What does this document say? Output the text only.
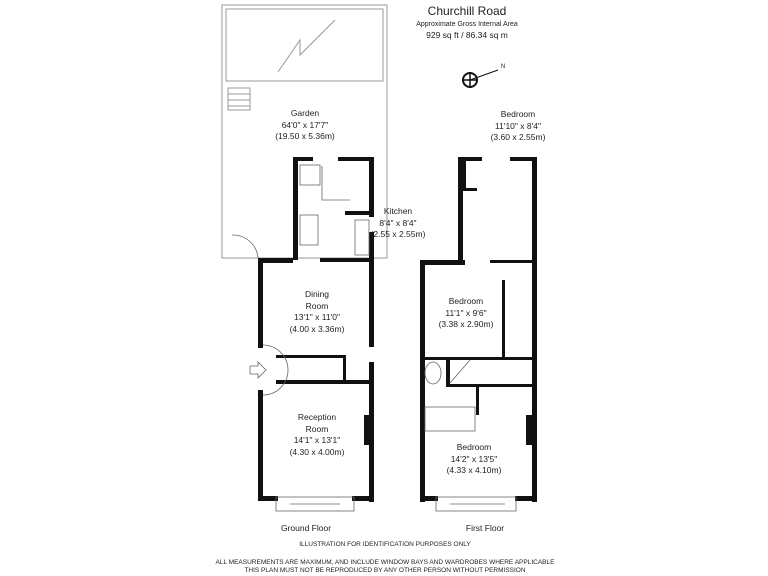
Churchill Road
Approximate Gross Internal Area
929 sq ft / 86.34 sq m
N
Garden
64'0" x 17'7"
(19.50 x 5.36m)
Kitchen
8'4" x 8'4"
(2.55 x 2.55m)
Dining
Room
13'1" x 11'0"
(4.00 x 3.36m)
Reception
Room
14'1" x 13'1"
(4.30 x 4.00m)
Bedroom
11'10" x 8'4"
(3.60 x 2.55m)
Bedroom
11'1" x 9'6"
(3.38 x 2.90m)
Bedroom
14'2" x 13'5"
(4.33 x 4.10m)
Ground Floor	First Floor
ILLUSTRATION FOR IDENTIFICATION PURPOSES ONLY
ALL MEASUREMENTS ARE MAXIMUM, AND INCLUDE WINDOW BAYS AND WARDROBES WHERE APPLICABLE
THIS PLAN MUST NOT BE REPRODUCED BY ANY OTHER PERSON WITHOUT PERMISSION
